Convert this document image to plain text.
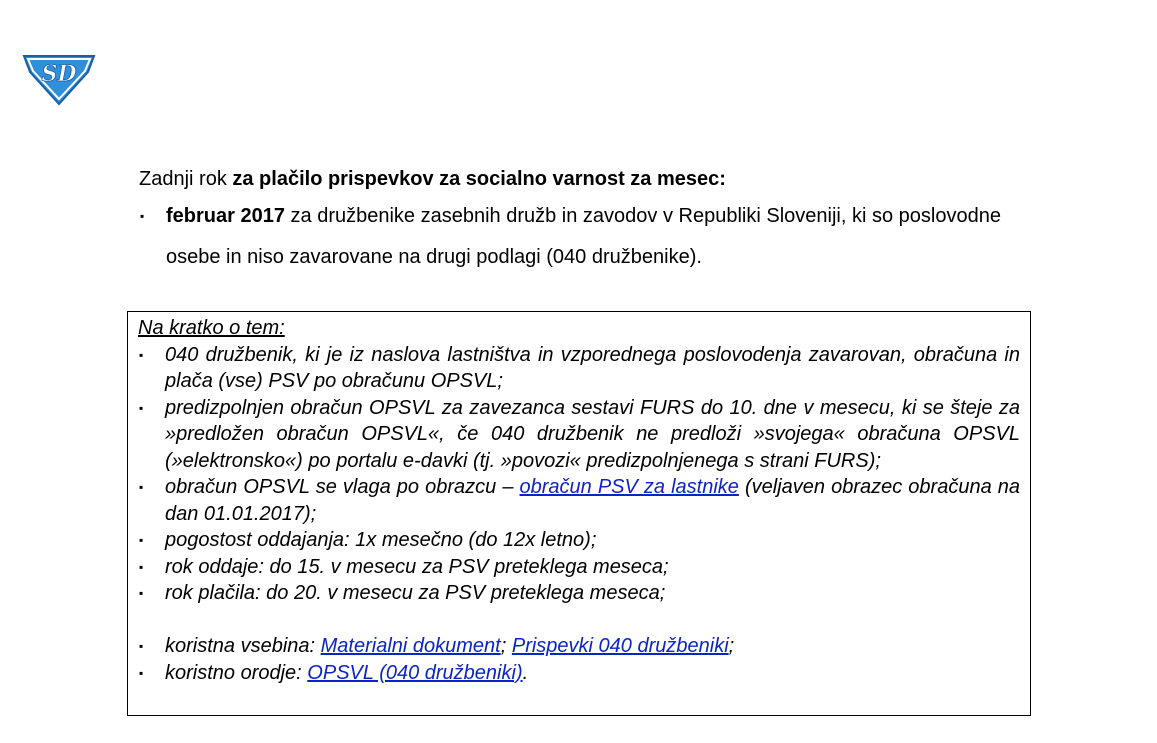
SD

Zadnji rok za plačilo prispevkov za socialno varnost za mesec:

▪ februar 2017 za družbenike zasebnih družb in zavodov v Republiki Sloveniji, ki so poslovodne osebe in niso zavarovane na drugi podlagi (040 družbenike).

Na kratko o tem:

▪ 040 družbenik, ki je iz naslova lastništva in vzporednega poslovodenja zavarovan, obračuna in plača (vse) PSV po obračunu OPSVL;
▪ predizpolnjen obračun OPSVL za zavezanca sestavi FURS do 10. dne v mesecu, ki se šteje za »predložen obračun OPSVL«, če 040 družbenik ne predloži »svojega« obračuna OPSVL (»elektronsko«) po portalu e-davki (tj. »povozi« predizpolnjenega s strani FURS);
▪ obračun OPSVL se vlaga po obrazcu – obračun PSV za lastnike (veljaven obrazec obračuna na dan 01.01.2017);
▪ pogostost oddajanja: 1x mesečno (do 12x letno);
▪ rok oddaje: do 15. v mesecu za PSV preteklega meseca;
▪ rok plačila: do 20. v mesecu za PSV preteklega meseca;
▪ koristna vsebina: Materialni dokument; Prispevki 040 družbeniki;
▪ koristno orodje: OPSVL (040 družbeniki).
